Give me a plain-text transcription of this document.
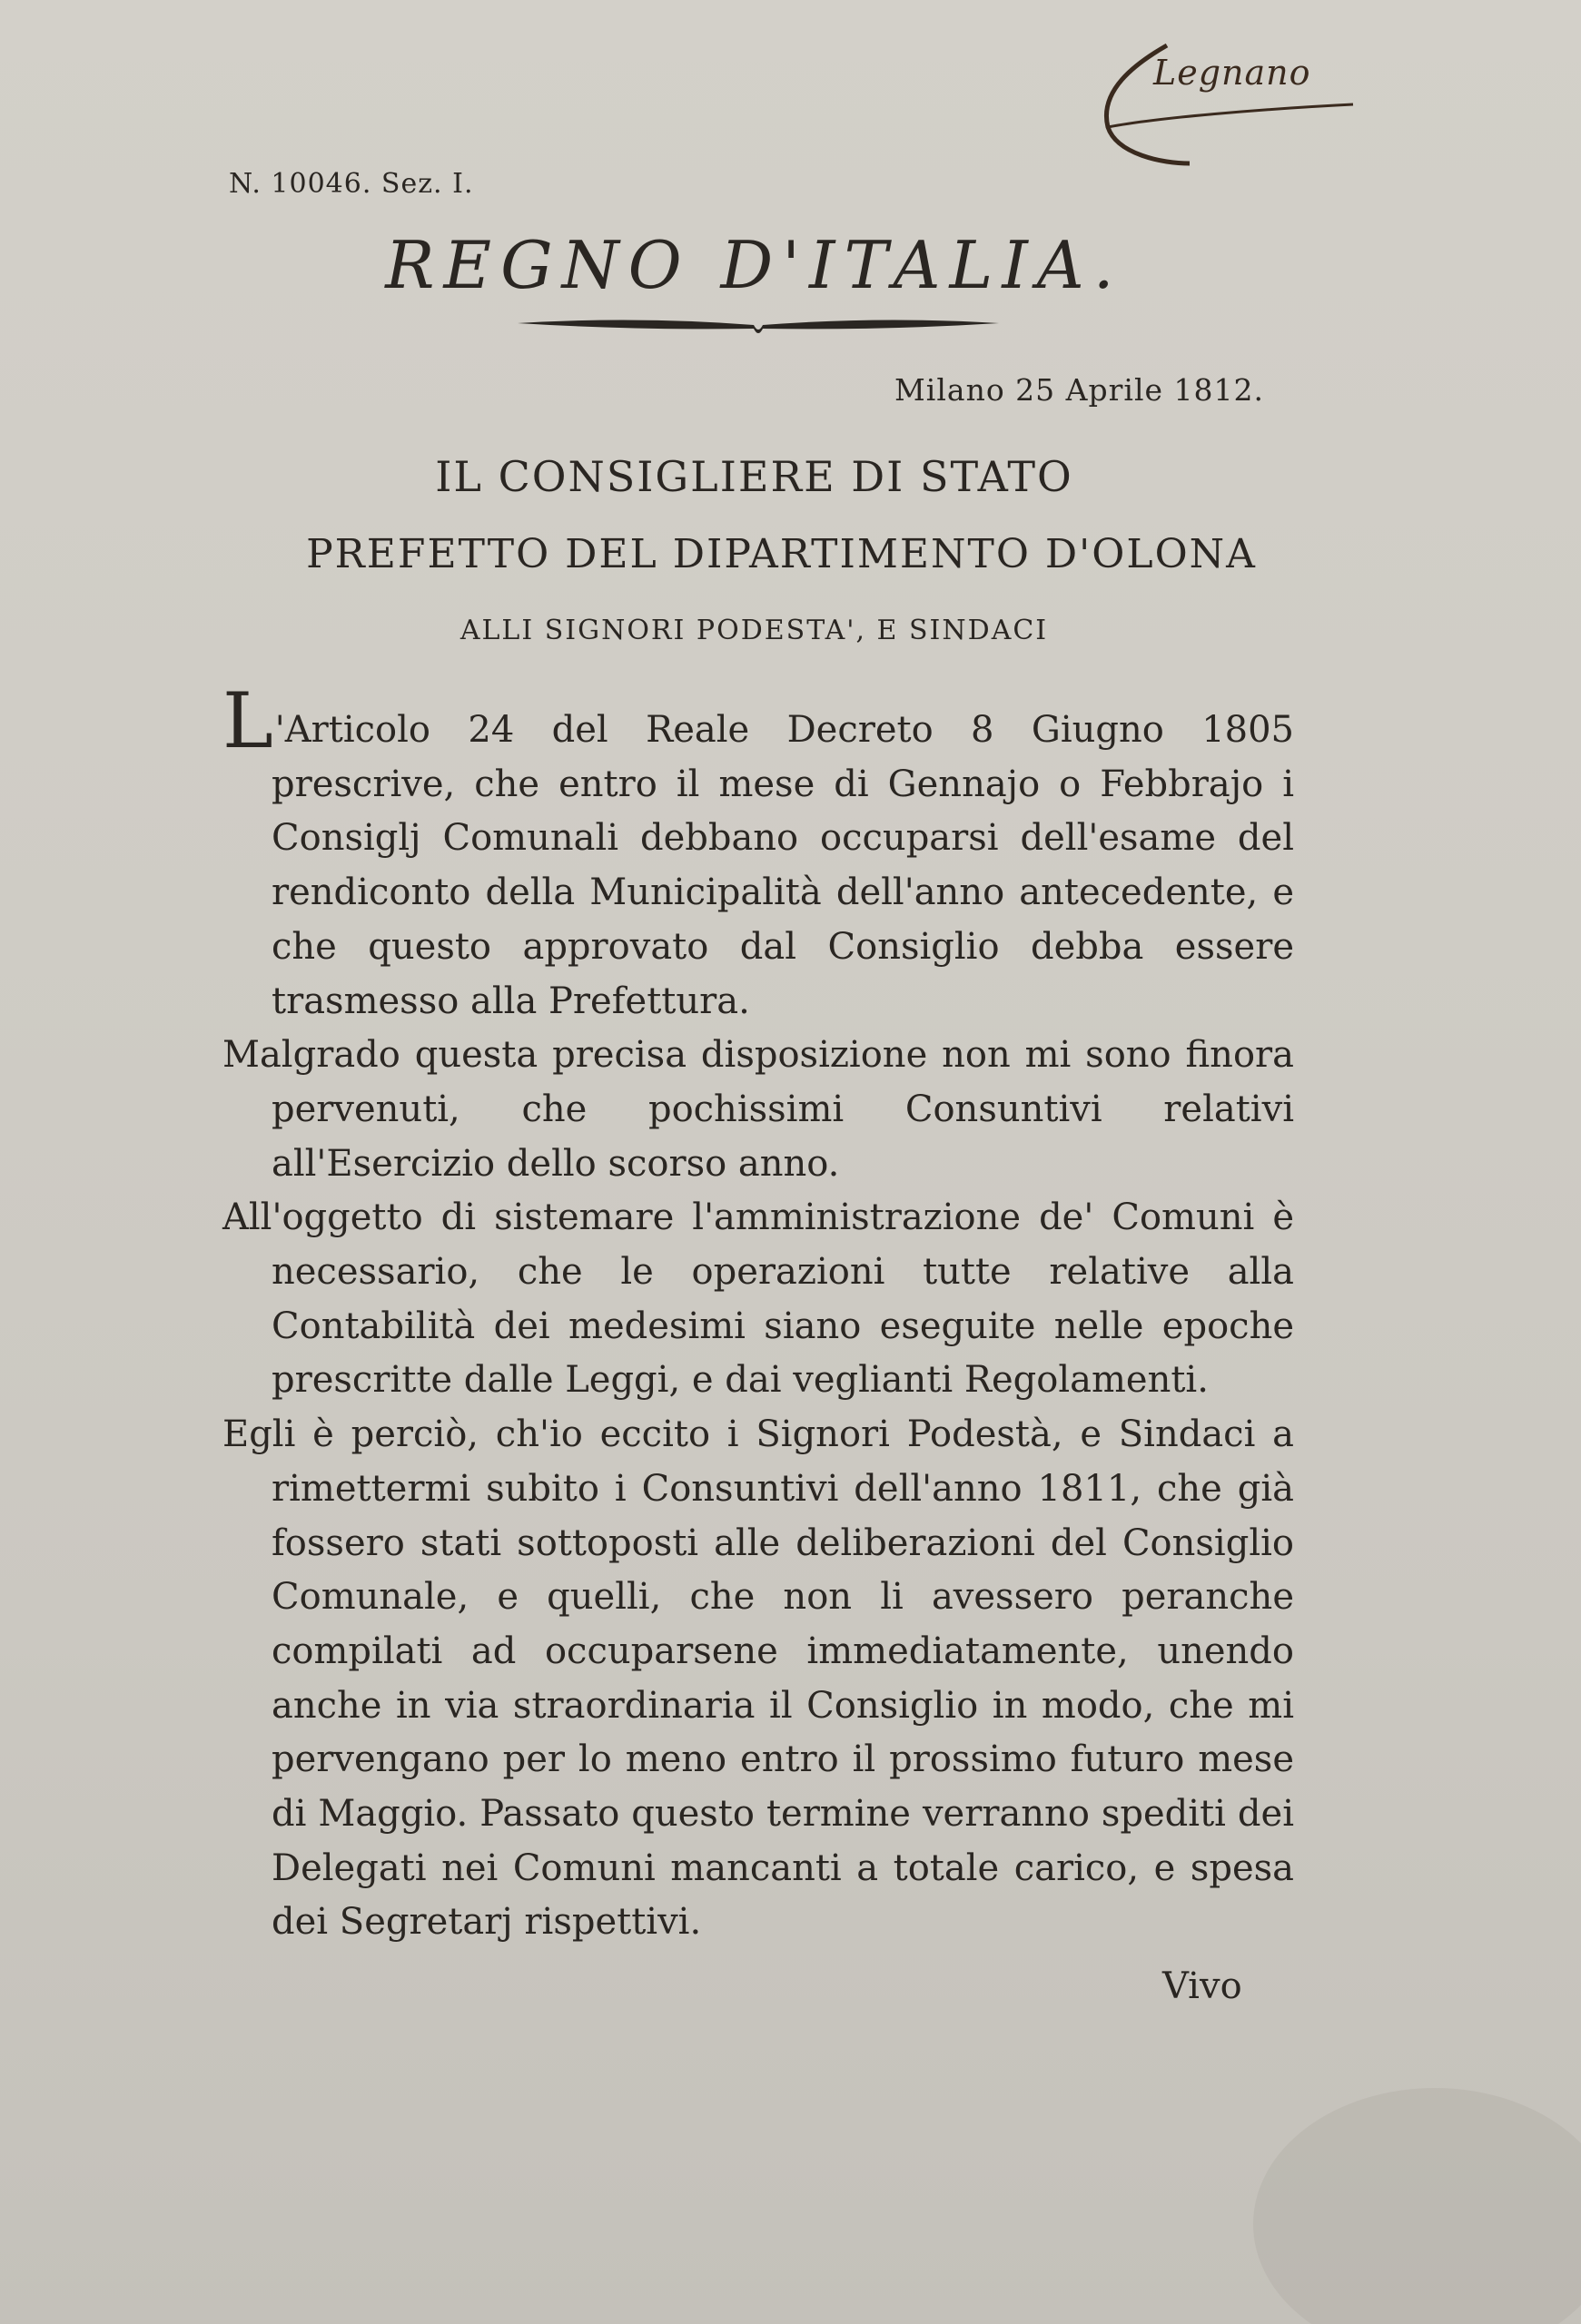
Legnano
N. 10046. Sez. I.
REGNO D'ITALIA.
Milano 25 Aprile 1812.
IL CONSIGLIERE DI STATO
PREFETTO DEL DIPARTIMENTO D'OLONA
ALLI SIGNORI PODESTA', E SINDACI
L'Articolo 24 del Reale Decreto 8 Giugno 1805 prescrive, che entro il mese di Gennajo o Febbrajo i Consiglj Comunali debbano occuparsi dell'esame del rendiconto della Municipalità dell'anno antecedente, e che questo approvato dal Consiglio debba essere trasmesso alla Prefettura.
Malgrado questa precisa disposizione non mi sono finora pervenuti, che pochissimi Consuntivi relativi all'Esercizio dello scorso anno.
All'oggetto di sistemare l'amministrazione de' Comuni è necessario, che le operazioni tutte relative alla Contabilità dei medesimi siano eseguite nelle epoche prescritte dalle Leggi, e dai veglianti Regolamenti.
Egli è perciò, ch'io eccito i Signori Podestà, e Sindaci a rimettermi subito i Consuntivi dell'anno 1811, che già fossero stati sottoposti alle deliberazioni del Consiglio Comunale, e quelli, che non li avessero peranche compilati ad occuparsene immediatamente, unendo anche in via straordinaria il Consiglio in modo, che mi pervengano per lo meno entro il prossimo futuro mese di Maggio. Passato questo termine verranno spediti dei Delegati nei Comuni mancanti a totale carico, e spesa dei Segretarj rispettivi.
Vivo
